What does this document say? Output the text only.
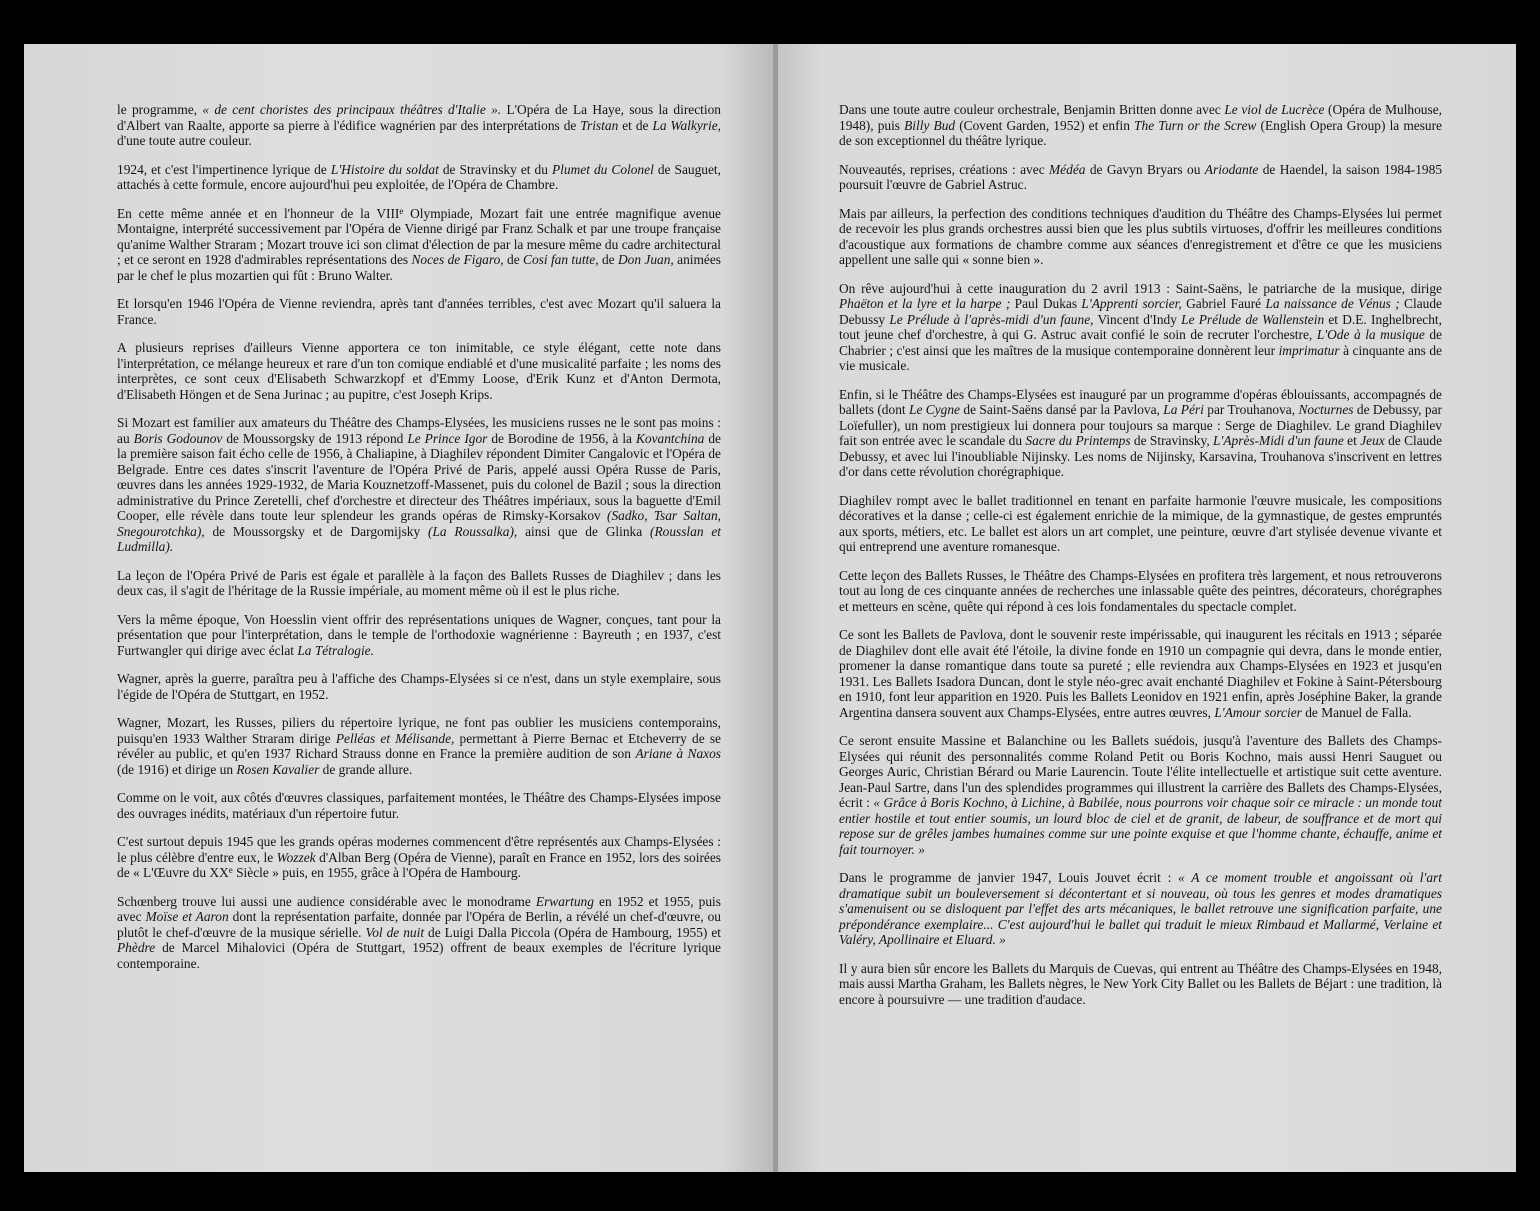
le programme, « de cent choristes des principaux théâtres d'Italie ». L'Opéra de La Haye, sous la direction d'Albert van Raalte, apporte sa pierre à l'édifice wagnérien par des interprétations de Tristan et de La Walkyrie, d'une toute autre couleur.

1924, et c'est l'impertinence lyrique de L'Histoire du soldat de Stravinsky et du Plumet du Colonel de Sauguet, attachés à cette formule, encore aujourd'hui peu exploitée, de l'Opéra de Chambre.

En cette même année et en l'honneur de la VIIIe Olympiade, Mozart fait une entrée magnifique avenue Montaigne, interprété successivement par l'Opéra de Vienne dirigé par Franz Schalk et par une troupe française qu'anime Walther Straram ; Mozart trouve ici son climat d'élection de par la mesure même du cadre architectural ; et ce seront en 1928 d'admirables représentations des Noces de Figaro, de Cosi fan tutte, de Don Juan, animées par le chef le plus mozartien qui fût : Bruno Walter.

Et lorsqu'en 1946 l'Opéra de Vienne reviendra, après tant d'années terribles, c'est avec Mozart qu'il saluera la France.

A plusieurs reprises d'ailleurs Vienne apportera ce ton inimitable, ce style élégant, cette note dans l'interprétation, ce mélange heureux et rare d'un ton comique endiablé et d'une musicalité parfaite ; les noms des interprètes, ce sont ceux d'Elisabeth Schwarzkopf et d'Emmy Loose, d'Erik Kunz et d'Anton Dermota, d'Elisabeth Höngen et de Sena Jurinac ; au pupitre, c'est Joseph Krips.

Si Mozart est familier aux amateurs du Théâtre des Champs-Elysées, les musiciens russes ne le sont pas moins : au Boris Godounov de Moussorgsky de 1913 répond Le Prince Igor de Borodine de 1956, à la Kovantchina de la première saison fait écho celle de 1956, à Chaliapine, à Diaghilev répondent Dimiter Cangalovic et l'Opéra de Belgrade. Entre ces dates s'inscrit l'aventure de l'Opéra Privé de Paris, appelé aussi Opéra Russe de Paris, œuvres dans les années 1929-1932, de Maria Kouznetzoff-Massenet, puis du colonel de Bazil ; sous la direction administrative du Prince Zeretelli, chef d'orchestre et directeur des Théâtres impériaux, sous la baguette d'Emil Cooper, elle révèle dans toute leur splendeur les grands opéras de Rimsky-Korsakov (Sadko, Tsar Saltan, Snegourotchka), de Moussorgsky et de Dargomijsky (La Roussalka), ainsi que de Glinka (Rousslan et Ludmilla).

La leçon de l'Opéra Privé de Paris est égale et parallèle à la façon des Ballets Russes de Diaghilev ; dans les deux cas, il s'agit de l'héritage de la Russie impériale, au moment même où il est le plus riche.

Vers la même époque, Von Hoesslin vient offrir des représentations uniques de Wagner, conçues, tant pour la présentation que pour l'interprétation, dans le temple de l'orthodoxie wagnérienne : Bayreuth ; en 1937, c'est Furtwangler qui dirige avec éclat La Tétralogie.

Wagner, après la guerre, paraîtra peu à l'affiche des Champs-Elysées si ce n'est, dans un style exemplaire, sous l'égide de l'Opéra de Stuttgart, en 1952.

Wagner, Mozart, les Russes, piliers du répertoire lyrique, ne font pas oublier les musiciens contemporains, puisqu'en 1933 Walther Straram dirige Pelléas et Mélisande, permettant à Pierre Bernac et Etcheverry de se révéler au public, et qu'en 1937 Richard Strauss donne en France la première audition de son Ariane à Naxos (de 1916) et dirige un Rosen Kavalier de grande allure.

Comme on le voit, aux côtés d'œuvres classiques, parfaitement montées, le Théâtre des Champs-Elysées impose des ouvrages inédits, matériaux d'un répertoire futur.

C'est surtout depuis 1945 que les grands opéras modernes commencent d'être représentés aux Champs-Elysées : le plus célèbre d'entre eux, le Wozzek d'Alban Berg (Opéra de Vienne), paraît en France en 1952, lors des soirées de « L'Œuvre du XXe Siècle » puis, en 1955, grâce à l'Opéra de Hambourg.

Schœnberg trouve lui aussi une audience considérable avec le monodrame Erwartung en 1952 et 1955, puis avec Moïse et Aaron dont la représentation parfaite, donnée par l'Opéra de Berlin, a révélé un chef-d'œuvre, ou plutôt le chef-d'œuvre de la musique sérielle. Vol de nuit de Luigi Dalla Piccola (Opéra de Hambourg, 1955) et Phèdre de Marcel Mihalovici (Opéra de Stuttgart, 1952) offrent de beaux exemples de l'écriture lyrique contemporaine.

Dans une toute autre couleur orchestrale, Benjamin Britten donne avec Le viol de Lucrèce (Opéra de Mulhouse, 1948), puis Billy Bud (Covent Garden, 1952) et enfin The Turn or the Screw (English Opera Group) la mesure de son exceptionnel du théâtre lyrique.

Nouveautés, reprises, créations : avec Médéa de Gavyn Bryars ou Ariodante de Haendel, la saison 1984-1985 poursuit l'œuvre de Gabriel Astruc.

Mais par ailleurs, la perfection des conditions techniques d'audition du Théâtre des Champs-Elysées lui permet de recevoir les plus grands orchestres aussi bien que les plus subtils virtuoses, d'offrir les meilleures conditions d'acoustique aux formations de chambre comme aux séances d'enregistrement et d'être ce que les musiciens appellent une salle qui « sonne bien ».

On rêve aujourd'hui à cette inauguration du 2 avril 1913 : Saint-Saëns, le patriarche de la musique, dirige Phaëton et la lyre et la harpe ; Paul Dukas L'Apprenti sorcier, Gabriel Fauré La naissance de Vénus ; Claude Debussy Le Prélude à l'après-midi d'un faune, Vincent d'Indy Le Prélude de Wallenstein et D.E. Inghelbrecht, tout jeune chef d'orchestre, à qui G. Astruc avait confié le soin de recruter l'orchestre, L'Ode à la musique de Chabrier ; c'est ainsi que les maîtres de la musique contemporaine donnèrent leur imprimatur à cinquante ans de vie musicale.

Enfin, si le Théâtre des Champs-Elysées est inauguré par un programme d'opéras éblouissants, accompagnés de ballets (dont Le Cygne de Saint-Saëns dansé par la Pavlova, La Péri par Trouhanova, Nocturnes de Debussy, par Loïefuller), un nom prestigieux lui donnera pour toujours sa marque : Serge de Diaghilev. Le grand Diaghilev fait son entrée avec le scandale du Sacre du Printemps de Stravinsky, L'Après-Midi d'un faune et Jeux de Claude Debussy, et avec lui l'inoubliable Nijinsky. Les noms de Nijinsky, Karsavina, Trouhanova s'inscrivent en lettres d'or dans cette révolution chorégraphique.

Diaghilev rompt avec le ballet traditionnel en tenant en parfaite harmonie l'œuvre musicale, les compositions décoratives et la danse ; celle-ci est également enrichie de la mimique, de la gymnastique, de gestes empruntés aux sports, métiers, etc. Le ballet est alors un art complet, une peinture, œuvre d'art stylisée devenue vivante et qui entreprend une aventure romanesque.

Cette leçon des Ballets Russes, le Théâtre des Champs-Elysées en profitera très largement, et nous retrouverons tout au long de ces cinquante années de recherches une inlassable quête des peintres, décorateurs, chorégraphes et metteurs en scène, quête qui répond à ces lois fondamentales du spectacle complet.

Ce sont les Ballets de Pavlova, dont le souvenir reste impérissable, qui inaugurent les récitals en 1913 ; séparée de Diaghilev dont elle avait été l'étoile, la divine fonde en 1910 un compagnie qui devra, dans le monde entier, promener la danse romantique dans toute sa pureté ; elle reviendra aux Champs-Elysées en 1923 et jusqu'en 1931. Les Ballets Isadora Duncan, dont le style néo-grec avait enchanté Diaghilev et Fokine à Saint-Pétersbourg en 1910, font leur apparition en 1920. Puis les Ballets Leonidov en 1921 enfin, après Joséphine Baker, la grande Argentina dansera souvent aux Champs-Elysées, entre autres œuvres, L'Amour sorcier de Manuel de Falla.

Ce seront ensuite Massine et Balanchine ou les Ballets suédois, jusqu'à l'aventure des Ballets des Champs-Elysées qui réunit des personnalités comme Roland Petit ou Boris Kochno, mais aussi Henri Sauguet ou Georges Auric, Christian Bérard ou Marie Laurencin. Toute l'élite intellectuelle et artistique suit cette aventure. Jean-Paul Sartre, dans l'un des splendides programmes qui illustrent la carrière des Ballets des Champs-Elysées, écrit : « Grâce à Boris Kochno, à Lichine, à Babilée, nous pourrons voir chaque soir ce miracle : un monde tout entier hostile et tout entier soumis, un lourd bloc de ciel et de granit, de labeur, de souffrance et de mort qui repose sur de grêles jambes humaines comme sur une pointe exquise et que l'homme chante, échauffe, anime et fait tournoyer. »

Dans le programme de janvier 1947, Louis Jouvet écrit : « A ce moment trouble et angoissant où l'art dramatique subit un bouleversement si décontertant et si nouveau, où tous les genres et modes dramatiques s'amenuisent ou se disloquent par l'effet des arts mécaniques, le ballet retrouve une signification parfaite, une prépondérance exemplaire... C'est aujourd'hui le ballet qui traduit le mieux Rimbaud et Mallarmé, Verlaine et Valéry, Apollinaire et Eluard. »

Il y aura bien sûr encore les Ballets du Marquis de Cuevas, qui entrent au Théâtre des Champs-Elysées en 1948, mais aussi Martha Graham, les Ballets nègres, le New York City Ballet ou les Ballets de Béjart : une tradition, là encore à poursuivre — une tradition d'audace.
